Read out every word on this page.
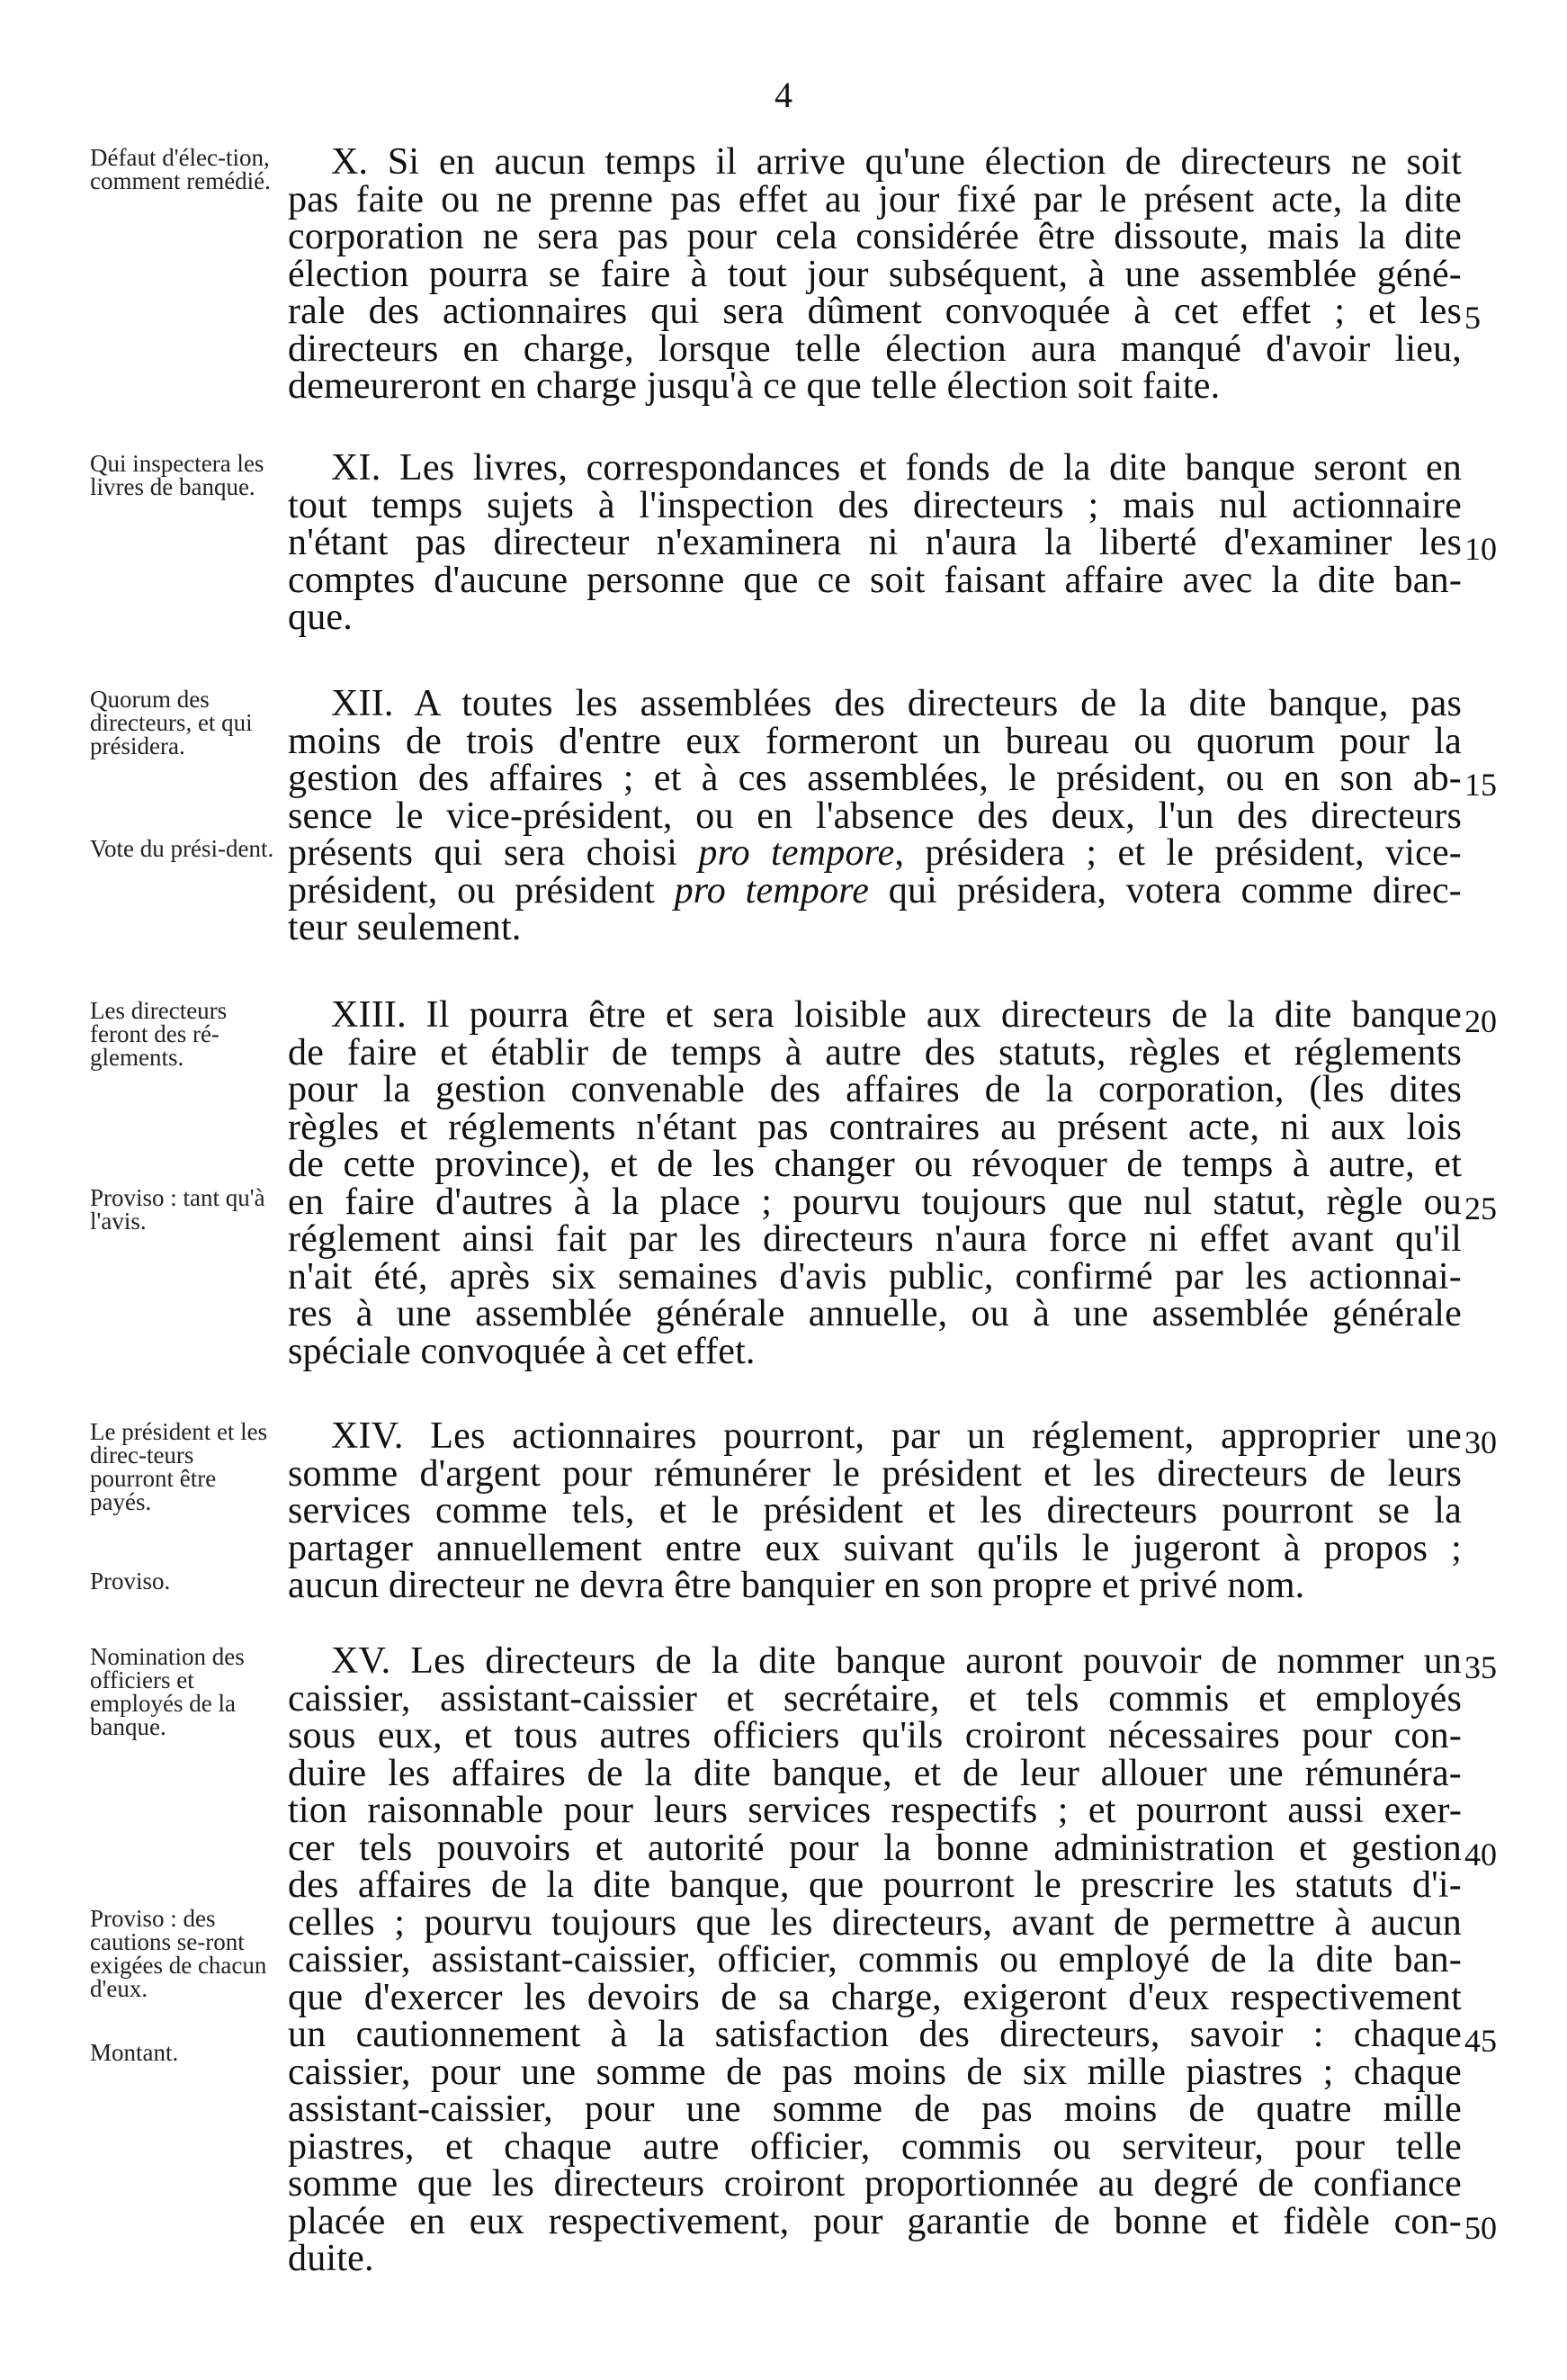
4
Défaut d'élec-tion, comment remédié.	X. Si en aucun temps il arrive qu'une élection de directeurs ne soit
pas faite ou ne prenne pas effet au jour fixé par le présent acte, la dite
corporation ne sera pas pour cela considérée être dissoute, mais la dite
élection pourra se faire à tout jour subséquent, à une assemblée géné-
rale des actionnaires qui sera dûment convoquée à cet effet ; et les
directeurs en charge, lorsque telle élection aura manqué d'avoir lieu,
demeureront en charge jusqu'à ce que telle élection soit faite.
5
Qui inspectera les livres de banque.	XI. Les livres, correspondances et fonds de la dite banque seront en
tout temps sujets à l'inspection des directeurs ; mais nul actionnaire
n'étant pas directeur n'examinera ni n'aura la liberté d'examiner les
comptes d'aucune personne que ce soit faisant affaire avec la dite ban-
que.
10
Quorum des directeurs, et qui présidera.
Vote du prési-dent.
XII. A toutes les assemblées des directeurs de la dite banque, pas
moins de trois d'entre eux formeront un bureau ou quorum pour la
gestion des affaires ; et à ces assemblées, le président, ou en son ab-
sence le vice-président, ou en l'absence des deux, l'un des directeurs
présents qui sera choisi pro tempore, présidera ; et le président, vice-
président, ou président pro tempore qui présidera, votera comme direc-
teur seulement.
15
Les directeurs feront des ré-glements.
Proviso : tant qu'à l'avis.
XIII. Il pourra être et sera loisible aux directeurs de la dite banque
de faire et établir de temps à autre des statuts, règles et réglements
pour la gestion convenable des affaires de la corporation, (les dites
règles et réglements n'étant pas contraires au présent acte, ni aux lois
de cette province), et de les changer ou révoquer de temps à autre, et
en faire d'autres à la place ; pourvu toujours que nul statut, règle ou
réglement ainsi fait par les directeurs n'aura force ni effet avant qu'il
n'ait été, après six semaines d'avis public, confirmé par les actionnai-
res à une assemblée générale annuelle, ou à une assemblée générale
spéciale convoquée à cet effet.
20
25
Le président et les direc-teurs pourront être payés.
Proviso.
XIV. Les actionnaires pourront, par un réglement, approprier une
somme d'argent pour rémunérer le président et les directeurs de leurs
services comme tels, et le président et les directeurs pourront se la
partager annuellement entre eux suivant qu'ils le jugeront à propos ;
aucun directeur ne devra être banquier en son propre et privé nom.
30
Nomination des officiers et employés de la banque.
Proviso : des cautions se-ront exigées de chacun d'eux.
Montant.
XV. Les directeurs de la dite banque auront pouvoir de nommer un
caissier, assistant-caissier et secrétaire, et tels commis et employés
sous eux, et tous autres officiers qu'ils croiront nécessaires pour con-
duire les affaires de la dite banque, et de leur allouer une rémunéra-
tion raisonnable pour leurs services respectifs ; et pourront aussi exer-
cer tels pouvoirs et autorité pour la bonne administration et gestion
des affaires de la dite banque, que pourront le prescrire les statuts d'i-
celles ; pourvu toujours que les directeurs, avant de permettre à aucun
caissier, assistant-caissier, officier, commis ou employé de la dite ban-
que d'exercer les devoirs de sa charge, exigeront d'eux respectivement
un cautionnement à la satisfaction des directeurs, savoir : chaque
caissier, pour une somme de pas moins de six mille piastres ; chaque
assistant-caissier, pour une somme de pas moins de quatre mille
piastres, et chaque autre officier, commis ou serviteur, pour telle
somme que les directeurs croiront proportionnée au degré de confiance
placée en eux respectivement, pour garantie de bonne et fidèle con-
duite.
35
40
45
50
